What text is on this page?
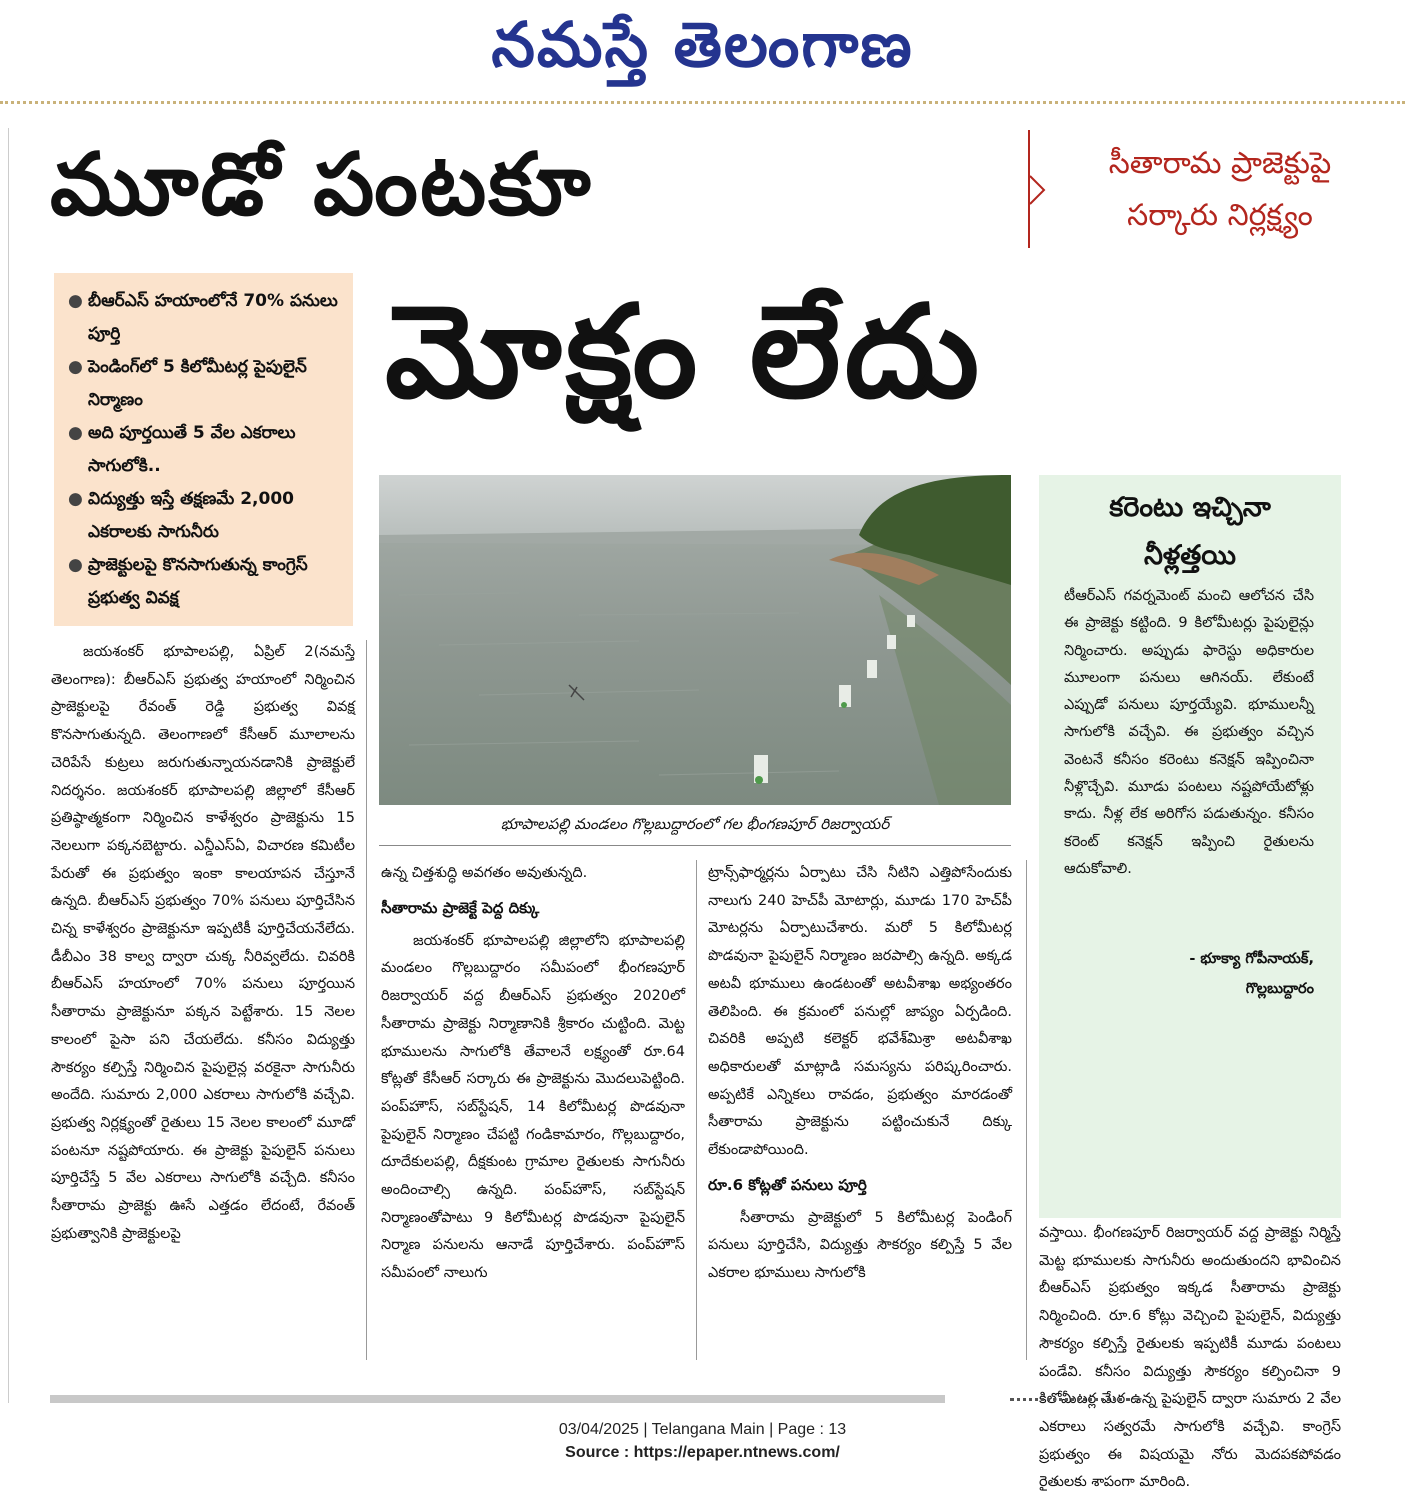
నమస్తే తెలంగాణ
మూడో పంటకూ
మోక్షం లేదు
సీతారామ ప్రాజెక్టుపై
సర్కారు నిర్లక్ష్యం
● బీఆర్ఎస్ హయాంలోనే 70% పనులు పూర్తి
● పెండింగ్‌లో 5 కిలోమీటర్ల పైపులైన్ నిర్మాణం
● అది పూర్తయితే 5 వేల ఎకరాలు సాగులోకి..
● విద్యుత్తు ఇస్తే తక్షణమే 2,000 ఎకరాలకు సాగునీరు
● ప్రాజెక్టులపై కొనసాగుతున్న కాంగ్రెస్ ప్రభుత్వ వివక్ష
భూపాలపల్లి మండలం గొల్లబుద్దారంలో గల భీంగణపూర్ రిజర్వాయర్
కరెంటు ఇచ్చినా
నీళ్లత్తయి
టీఆర్ఎస్ గవర్నమెంట్ మంచి ఆలోచన చేసి ఈ ప్రాజెక్టు కట్టింది. 9 కిలోమీటర్లు పైపులైన్లు నిర్మించారు. అప్పుడు ఫారెస్టు అధికారుల మూలంగా పనులు ఆగినయ్. లేకుంటే ఎప్పుడో పనులు పూర్తయ్యేవి. భూములన్నీ సాగులోకి వచ్చేవి. ఈ ప్రభుత్వం వచ్చిన వెంటనే కనీసం కరెంటు కనెక్షన్ ఇప్పించినా నీళ్లొచ్చేవి. మూడు పంటలు నష్టపోయేటోళ్లు కాదు. నీళ్ల లేక అరిగోస పడుతున్నం. కనీసం కరెంట్ కనెక్షన్ ఇప్పించి రైతులను ఆదుకోవాలి.
- భూక్యా గోపీనాయక్,
గొల్లబుద్దారం

జయశంకర్ భూపాలపల్లి, ఏప్రిల్ 2(నమస్తే తెలంగాణ): బీఆర్ఎస్ ప్రభుత్వ హయాంలో నిర్మించిన ప్రాజెక్టులపై రేవంత్ రెడ్డి ప్రభుత్వ వివక్ష కొనసాగుతున్నది. తెలంగాణలో కేసీఆర్ మూలాలను చెరిపేసే కుట్రలు జరుగుతున్నాయనడానికి ప్రాజెక్టులే నిదర్శనం. జయశంకర్ భూపాలపల్లి జిల్లాలో కేసీఆర్ ప్రతిష్ఠాత్మకంగా నిర్మించిన కాళేశ్వరం ప్రాజెక్టును 15 నెలలుగా పక్కనబెట్టారు. ఎన్డీఎస్ఏ, విచారణ కమిటీల పేరుతో ఈ ప్రభుత్వం ఇంకా కాలయాపన చేస్తూనే ఉన్నది. బీఆర్ఎస్ ప్రభుత్వం 70% పనులు పూర్తిచేసిన చిన్న కాళేశ్వరం ప్రాజెక్టునూ ఇప్పటికీ పూర్తిచేయనేలేదు. డీబీఎం 38 కాల్వ ద్వారా చుక్క నీరివ్వలేదు. చివరికి బీఆర్ఎస్ హయాంలో 70% పనులు పూర్తయిన సీతారామ ప్రాజెక్టునూ పక్కన పెట్టేశారు. 15 నెలల కాలంలో పైసా పని చేయలేదు. కనీసం విద్యుత్తు సౌకర్యం కల్పిస్తే నిర్మించిన పైపులైన్ల వరకైనా సాగునీరు అందేది. సుమారు 2,000 ఎకరాలు సాగులోకి వచ్చేవి. ప్రభుత్వ నిర్లక్ష్యంతో రైతులు 15 నెలల కాలంలో మూడో పంటనూ నష్టపోయారు. ఈ ప్రాజెక్టు పైపులైన్ పనులు పూర్తిచేస్తే 5 వేల ఎకరాలు సాగులోకి వచ్చేది. కనీసం సీతారామ ప్రాజెక్టు ఊసే ఎత్తడం లేదంటే, రేవంత్ ప్రభుత్వానికి ప్రాజెక్టులపై

ఉన్న చిత్తశుద్ధి అవగతం అవుతున్నది.

సీతారామ ప్రాజెక్టే పెద్ద దిక్కు

జయశంకర్ భూపాలపల్లి జిల్లాలోని భూపాలపల్లి మండలం గొల్లబుద్దారం సమీపంలో భీంగణపూర్ రిజర్వాయర్ వద్ద బీఆర్ఎస్ ప్రభుత్వం 2020లో సీతారామ ప్రాజెక్టు నిర్మాణానికి శ్రీకారం చుట్టింది. మెట్ట భూములను సాగులోకి తేవాలనే లక్ష్యంతో రూ.64 కోట్లతో కేసీఆర్ సర్కారు ఈ ప్రాజెక్టును మొదలుపెట్టింది. పంప్‌హౌస్, సబ్‌స్టేషన్, 14 కిలోమీటర్ల పొడవునా పైపులైన్ నిర్మాణం చేపట్టి గండికామారం, గొల్లబుద్దారం, దూదేకులపల్లి, దీక్షకుంట గ్రామాల రైతులకు సాగునీరు అందించాల్సి ఉన్నది. పంప్‌హౌస్, సబ్‌స్టేషన్ నిర్మాణంతోపాటు 9 కిలోమీటర్ల పొడవునా పైపులైన్ నిర్మాణ పనులను ఆనాడే పూర్తిచేశారు. పంప్‌హౌస్ సమీపంలో నాలుగు

ట్రాన్స్‌ఫార్మర్లను ఏర్పాటు చేసి నీటిని ఎత్తిపోసేందుకు నాలుగు 240 హెచ్‌పీ మోటార్లు, మూడు 170 హెచ్‌పీ మోటర్లను ఏర్పాటుచేశారు. మరో 5 కిలోమీటర్ల పొడవునా పైపులైన్ నిర్మాణం జరపాల్సి ఉన్నది. అక్కడ అటవీ భూములు ఉండటంతో అటవీశాఖ అభ్యంతరం తెలిపింది. ఈ క్రమంలో పనుల్లో జాప్యం ఏర్పడింది. చివరికి అప్పటి కలెక్టర్ భవేశ్‌మిశ్రా అటవీశాఖ అధికారులతో మాట్లాడి సమస్యను పరిష్కరించారు. అప్పటికే ఎన్నికలు రావడం, ప్రభుత్వం మారడంతో సీతారామ ప్రాజెక్టును పట్టించుకునే దిక్కు లేకుండాపోయింది.

రూ.6 కోట్లతో పనులు పూర్తి

సీతారామ ప్రాజెక్టులో 5 కిలోమీటర్ల పెండింగ్ పనులు పూర్తిచేసి, విద్యుత్తు సౌకర్యం కల్పిస్తే 5 వేల ఎకరాల భూములు సాగులోకి

వస్తాయి. భీంగణపూర్ రిజర్వాయర్ వద్ద ప్రాజెక్టు నిర్మిస్తే మెట్ట భూములకు సాగునీరు అందుతుందని భావించిన బీఆర్ఎస్ ప్రభుత్వం ఇక్కడ సీతారామ ప్రాజెక్టు నిర్మించింది. రూ.6 కోట్లు వెచ్చించి పైపులైన్, విద్యుత్తు సౌకర్యం కల్పిస్తే రైతులకు ఇప్పటికీ మూడు పంటలు పండేవి. కనీసం విద్యుత్తు సౌకర్యం కల్పించినా 9 కిలోమీటర్ల మేర ఉన్న పైపులైన్ ద్వారా సుమారు 2 వేల ఎకరాలు సత్వరమే సాగులోకి వచ్చేవి. కాంగ్రెస్ ప్రభుత్వం ఈ విషయమై నోరు మెదపకపోవడం రైతులకు శాపంగా మారింది.

03/04/2025 | Telangana Main | Page : 13
Source : https://epaper.ntnews.com/
